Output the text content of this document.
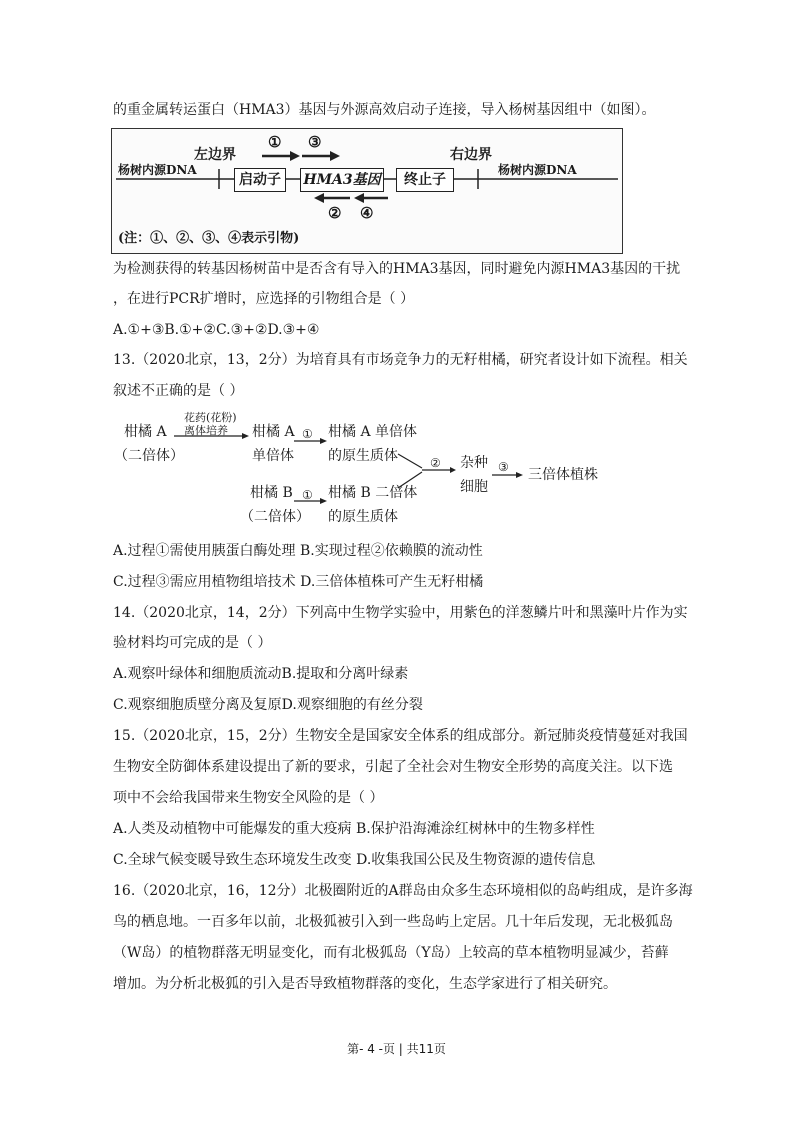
的重金属转运蛋白（HMA3）基因与外源高效启动子连接，导入杨树基因组中（如图）。
杨树内源DNA
左边界
① ③
启动子	HMA3基因	终止子
右边界
杨树内源DNA
② ④
(注：①、②、③、④表示引物)
为检测获得的转基因杨树苗中是否含有导入的HMA3基因，同时避免内源HMA3基因的干扰
，在进行PCR扩增时，应选择的引物组合是（ ）
A.①+③B.①+②C.③+②D.③+④
13.（2020北京，13，2分）为培育具有市场竞争力的无籽柑橘，研究者设计如下流程。相关
叙述不正确的是（ ）
柑橘 A
（二倍体）
花药(花粉)
离体培养 柑橘 A
单倍体
① 柑橘 A 单倍体
的原生质体
柑橘 B
（二倍体）
① 柑橘 B 二倍体
的原生质体
② 杂种
细胞
③ 三倍体植株
A.过程①需使用胰蛋白酶处理 B.实现过程②依赖膜的流动性
C.过程③需应用植物组培技术 D.三倍体植株可产生无籽柑橘
14.（2020北京，14，2分）下列高中生物学实验中，用紫色的洋葱鳞片叶和黑藻叶片作为实
验材料均可完成的是（ ）
A.观察叶绿体和细胞质流动B.提取和分离叶绿素
C.观察细胞质壁分离及复原D.观察细胞的有丝分裂
15.（2020北京，15，2分）生物安全是国家安全体系的组成部分。新冠肺炎疫情蔓延对我国
生物安全防御体系建设提出了新的要求，引起了全社会对生物安全形势的高度关注。以下选
项中不会给我国带来生物安全风险的是（ ）
A.人类及动植物中可能爆发的重大疫病 B.保护沿海滩涂红树林中的生物多样性
C.全球气候变暖导致生态环境发生改变 D.收集我国公民及生物资源的遗传信息
16.（2020北京，16，12分）北极圈附近的A群岛由众多生态环境相似的岛屿组成，是许多海
鸟的栖息地。一百多年以前，北极狐被引入到一些岛屿上定居。几十年后发现，无北极狐岛
（W岛）的植物群落无明显变化，而有北极狐岛（Y岛）上较高的草本植物明显减少，苔藓
增加。为分析北极狐的引入是否导致植物群落的变化，生态学家进行了相关研究。
第- 4 -页 | 共11页
